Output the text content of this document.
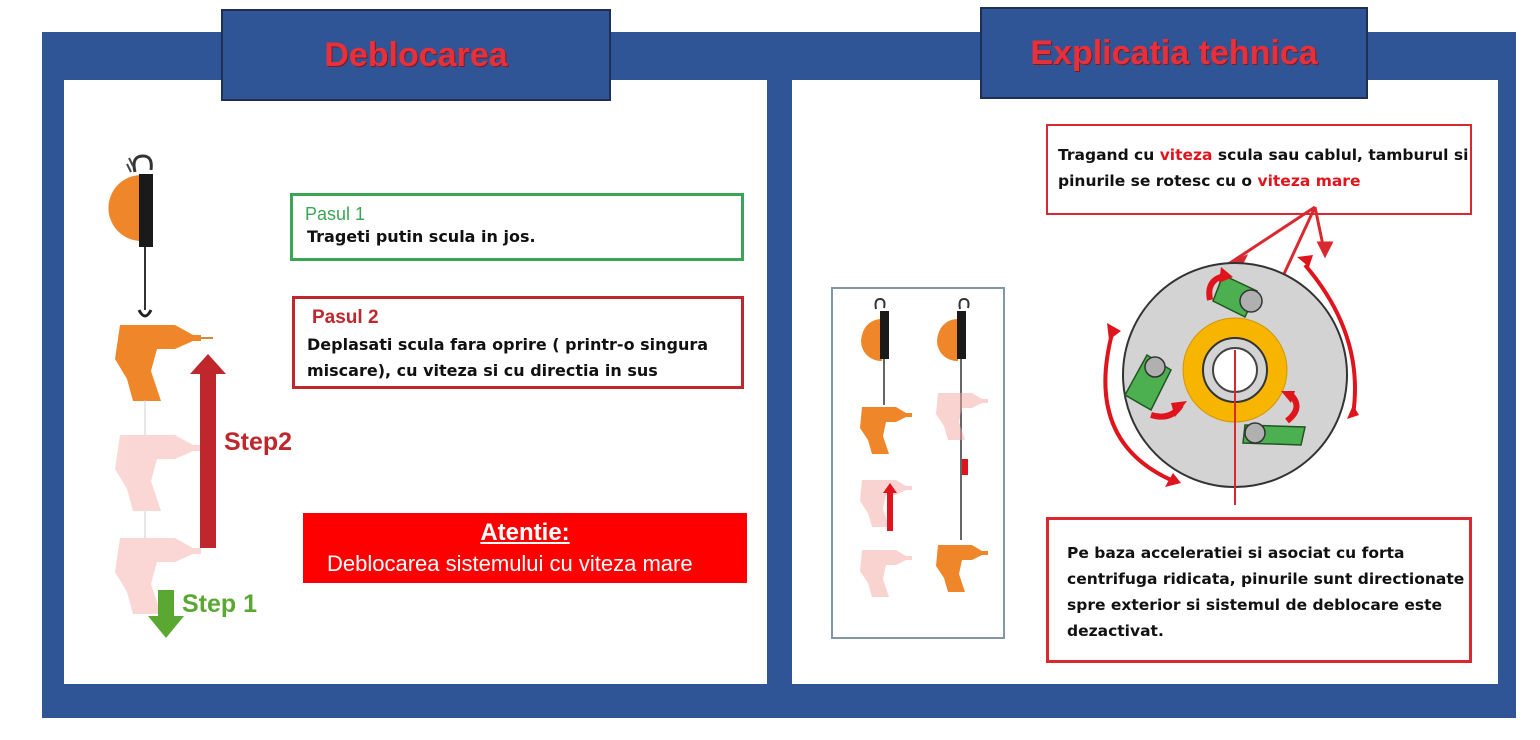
Deblocarea
Step2
Step 1
Pasul 1
Trageti putin scula in jos.
Pasul 2
Deplasati scula fara oprire ( printr-o singura
miscare), cu viteza si cu directia in sus
Atentie:
Deblocarea sistemului cu viteza mare
Explicatia tehnica
Tragand cu viteza scula sau cablul, tamburul si
pinurile se rotesc cu o viteza mare
Pe baza acceleratiei si asociat cu forta
centrifuga ridicata, pinurile sunt directionate
spre exterior si sistemul de deblocare este
dezactivat.
